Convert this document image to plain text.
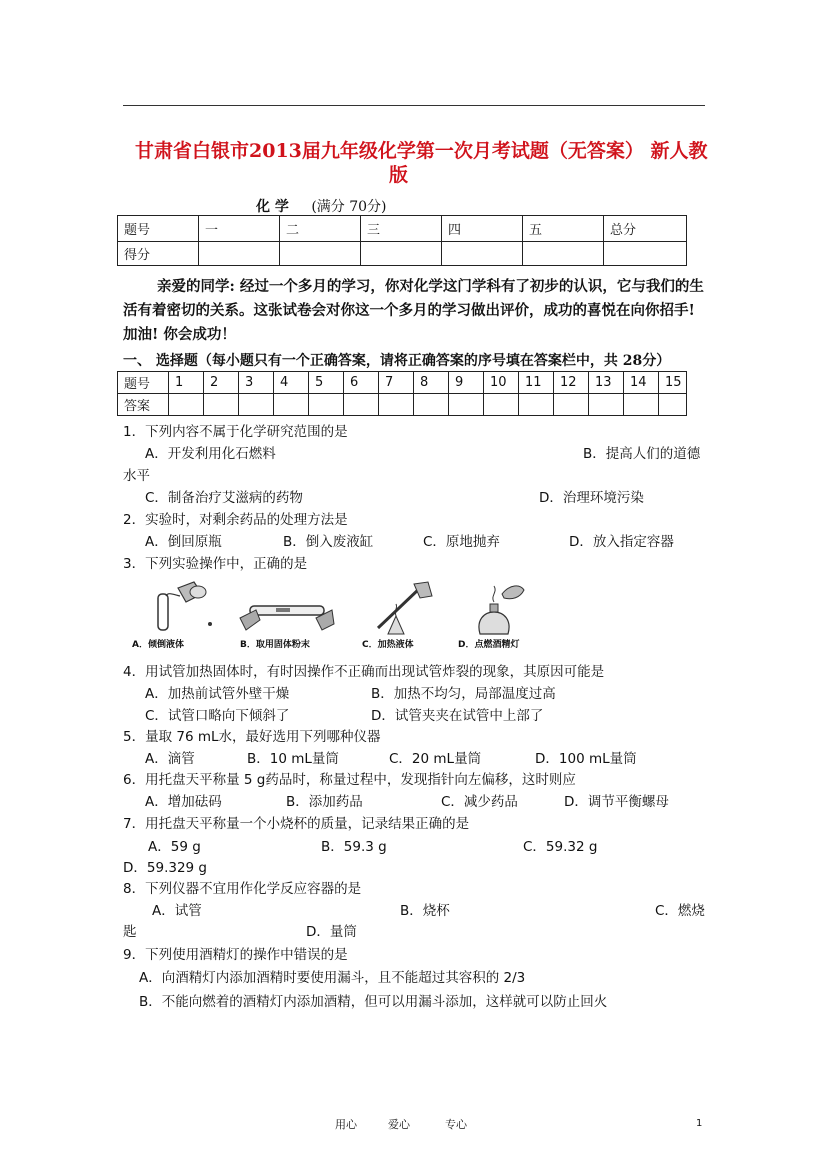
甘肃省白银市2013届九年级化学第一次月考试题（无答案） 新人教
版
化 学 (满分 70分)
题号	一	二	三	四	五	总分
得分						
亲爱的同学: 经过一个多月的学习，你对化学这门学科有了初步的认识，它与我们的生活有着密切的关系。这张试卷会对你这一个多月的学习做出评价，成功的喜悦在向你招手! 加油! 你会成功！
一、 选择题（每小题只有一个正确答案，请将正确答案的序号填在答案栏中，共 28分）
题号	1	2	3	4	5	6	7	8	9	10	11	12	13	14	15
答案															
1．下列内容不属于化学研究范围的是
A．开发利用化石燃料	B．提高人们的道德
水平
C．制备治疗艾滋病的药物	D．治理环境污染
2．实验时，对剩余药品的处理方法是
A．倒回原瓶	B．倒入废液缸	C．原地抛弃	D．放入指定容器
3．下列实验操作中，正确的是
A．倾倒液体	B．取用固体粉末	C．加热液体	D．点燃酒精灯
4．用试管加热固体时，有时因操作不正确而出现试管炸裂的现象，其原因可能是
A．加热前试管外壁干燥	B．加热不均匀，局部温度过高
C．试管口略向下倾斜了	D．试管夹夹在试管中上部了
5．量取 76 mL水，最好选用下列哪种仪器
A．滴管	B．10 mL量筒	C．20 mL量筒	D．100 mL量筒
6．用托盘天平称量 5 g药品时，称量过程中，发现指针向左偏移，这时则应
A．增加砝码	B．添加药品	C．减少药品	D．调节平衡螺母
7．用托盘天平称量一个小烧杯的质量，记录结果正确的是
A．59 g	B．59.3 g	C．59.32 g
D．59.329 g
8．下列仪器不宜用作化学反应容器的是
A．试管	B．烧杯	C．燃烧
匙	D．量筒
9．下列使用酒精灯的操作中错误的是
A．向酒精灯内添加酒精时要使用漏斗，且不能超过其容积的 2/3
B．不能向燃着的酒精灯内添加酒精，但可以用漏斗添加，这样就可以防止回火
用心	爱心	专心	1
